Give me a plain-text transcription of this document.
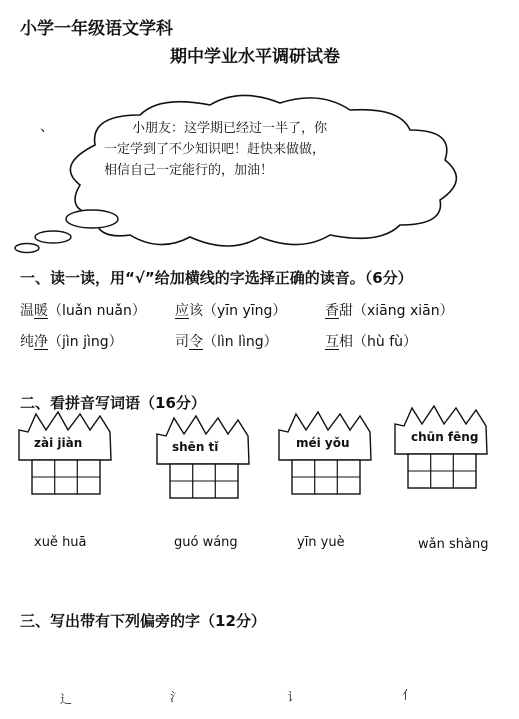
小学一年级语文学科
期中学业水平调研试卷
、	小朋友：这学期已经过一半了，你
一定学到了不少知识吧！赶快来做做，
相信自己一定能行的，加油！
一、读一读，用“√”给加横线的字选择正确的读音。（6分）
温暖（luǎn nuǎn） 应该（yīn yīng）	香甜（xiāng xiān）
纯净（jìn jìng）	司令（lìn lìng）	互相（hù fù）
二、看拼音写词语（16分）
zài jiàn	shēn tǐ	méi yǒu	chūn fēng
xuě huā	guó wáng	yīn yuè	wǎn shàng
三、写出带有下列偏旁的字（12分）
辶	氵	讠	亻
